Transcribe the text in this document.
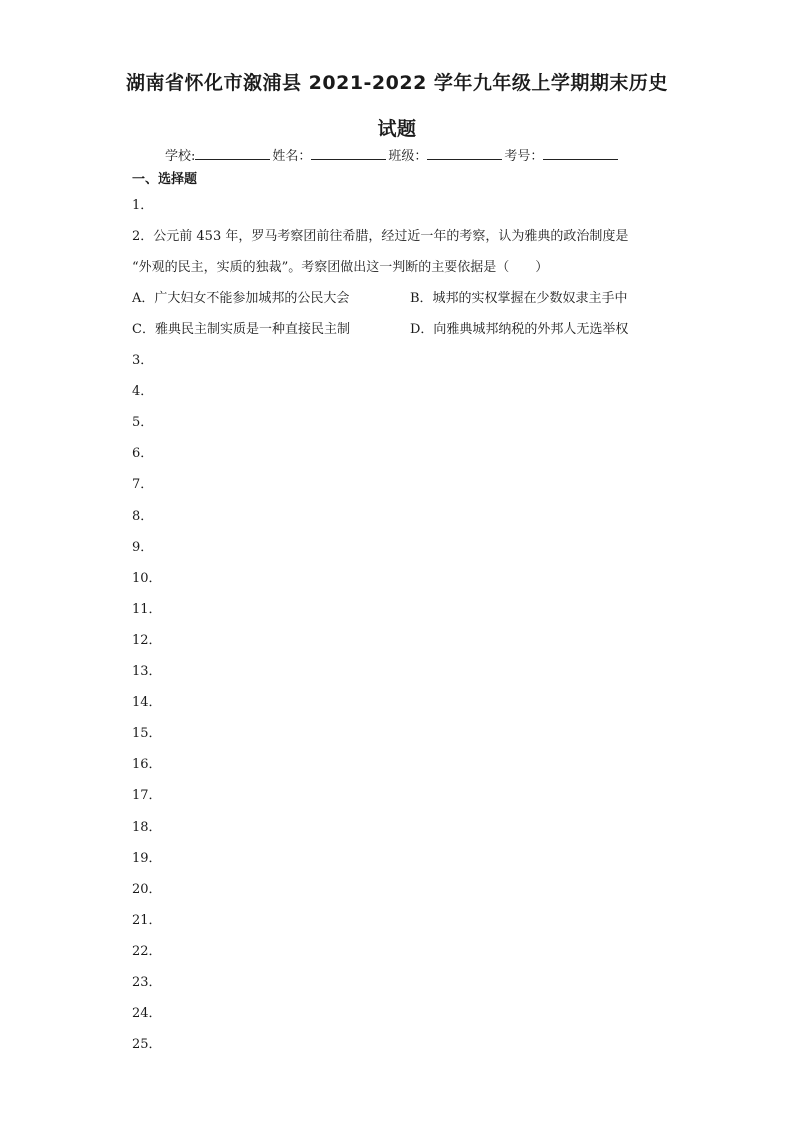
湖南省怀化市溆浦县 2021-2022 学年九年级上学期期末历史
试题
学校:	姓名：	班级：	考号：
一、选择题
1．
2．公元前 453 年，罗马考察团前往希腊，经过近一年的考察，认为雅典的政治制度是
“外观的民主，实质的独裁”。考察团做出这一判断的主要依据是（　　）
A．广大妇女不能参加城邦的公民大会	B．城邦的实权掌握在少数奴隶主手中
C．雅典民主制实质是一种直接民主制	D．向雅典城邦纳税的外邦人无选举权
3．
4．
5．
6．
7．
8．
9．
10．
11．
12．
13．
14．
15．
16．
17．
18．
19．
20．
21．
22．
23．
24．
25．
